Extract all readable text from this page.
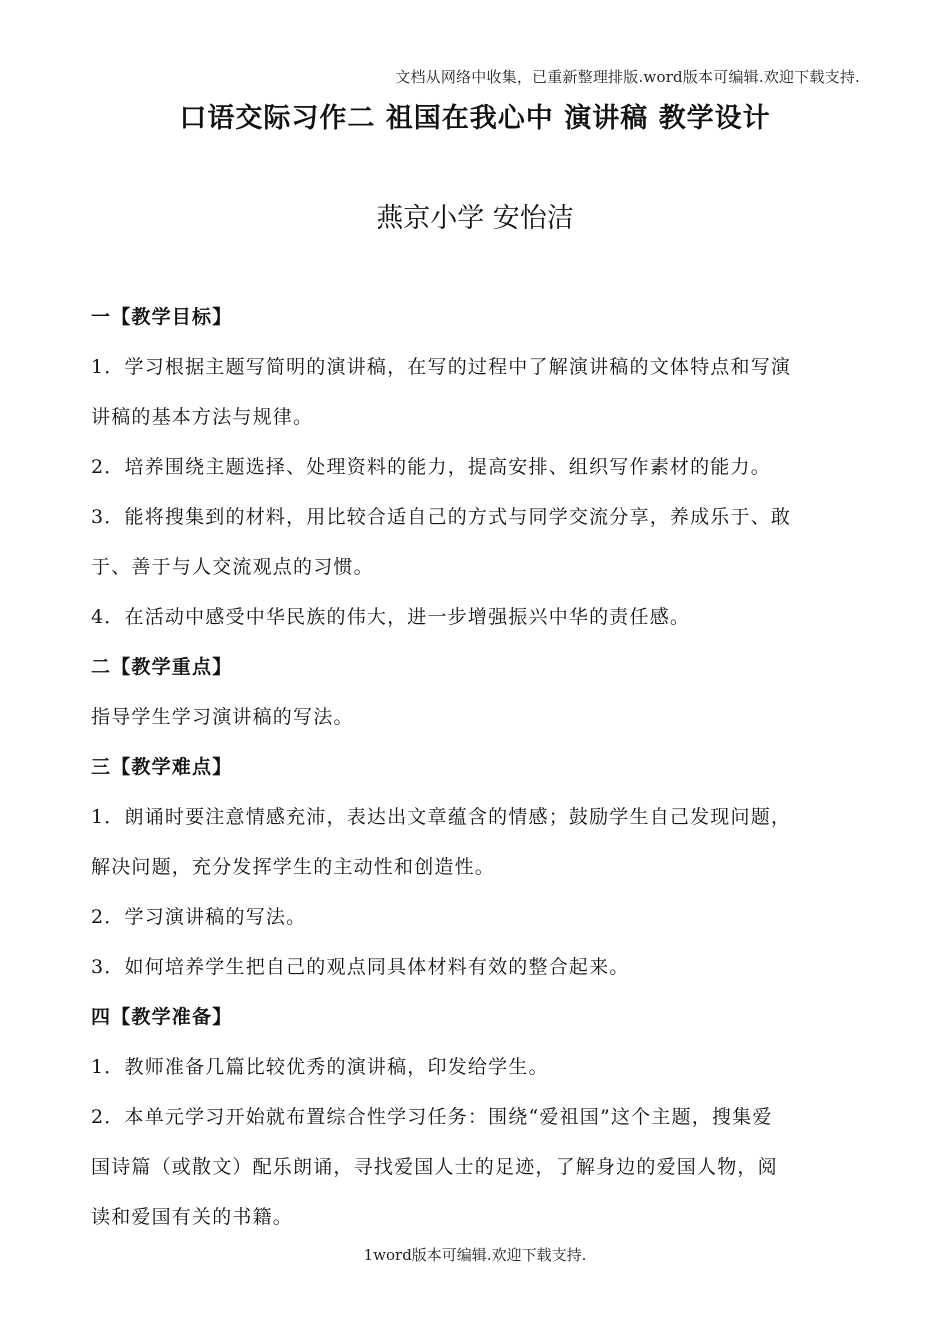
文档从网络中收集，已重新整理排版.word版本可编辑.欢迎下载支持.
口语交际习作二 祖国在我心中 演讲稿 教学设计
燕京小学 安怡洁
一【教学目标】
1．学习根据主题写简明的演讲稿，在写的过程中了解演讲稿的文体特点和写演
讲稿的基本方法与规律。
2．培养围绕主题选择、处理资料的能力，提高安排、组织写作素材的能力。
3．能将搜集到的材料，用比较合适自己的方式与同学交流分享，养成乐于、敢
于、善于与人交流观点的习惯。
4．在活动中感受中华民族的伟大，进一步增强振兴中华的责任感。
二【教学重点】
指导学生学习演讲稿的写法。
三【教学难点】
1．朗诵时要注意情感充沛，表达出文章蕴含的情感；鼓励学生自己发现问题，
解决问题，充分发挥学生的主动性和创造性。
2．学习演讲稿的写法。
3．如何培养学生把自己的观点同具体材料有效的整合起来。
四【教学准备】
1．教师准备几篇比较优秀的演讲稿，印发给学生。
2．本单元学习开始就布置综合性学习任务：围绕“爱祖国”这个主题，搜集爱
国诗篇（或散文）配乐朗诵，寻找爱国人士的足迹，了解身边的爱国人物，阅
读和爱国有关的书籍。
1word版本可编辑.欢迎下载支持.
